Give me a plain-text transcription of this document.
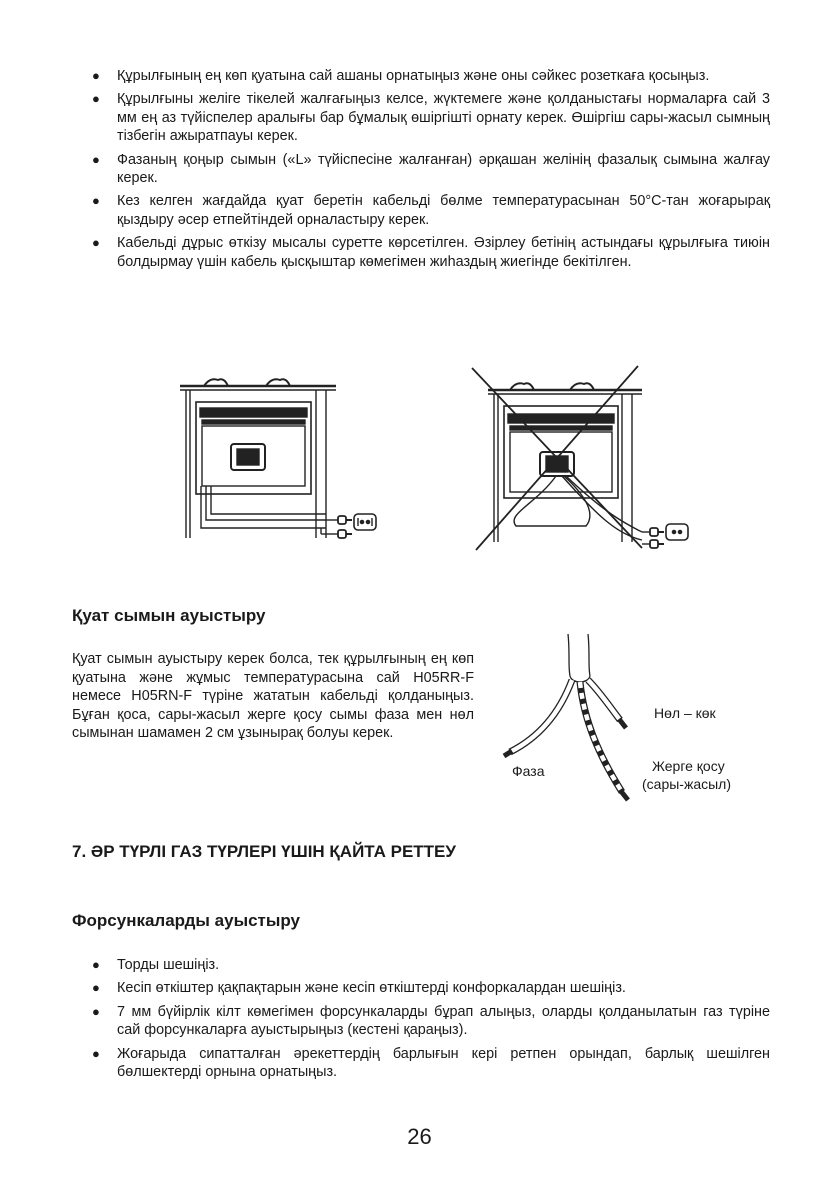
● Құрылғының ең көп қуатына сай ашаны орнатыңыз және оны сәйкес розеткаға қосыңыз.
● Құрылғыны желіге тікелей жалғағыңыз келсе, жүктемеге және қолданыстағы нормаларға сай 3 мм ең аз түйіспелер аралығы бар бұмалық өшіргішті орнату керек. Өшіргіш сары-жасыл сымның тізбегін ажыратпауы керек.
● Фазаның қоңыр сымын («L» түйіспесіне жалғанған) әрқашан желінің фазалық сымына жалғау керек.
● Кез келген жағдайда қуат беретін кабельді бөлме температурасынан 50°C-тан жоғарырақ қыздыру әсер етпейтіндей орналастыру керек.
● Кабельді дұрыс өткізу мысалы суретте көрсетілген. Әзірлеу бетінің астындағы құрылғыға тиюін болдырмау үшін кабель қысқыштар көмегімен жиһаздың жиегінде бекітілген.
Қуат сымын ауыстыру

Қуат сымын ауыстыру керек болса, тек құрылғының ең көп қуатына және жұмыс температурасына сай H05RR-F немесе H05RN-F түріне жататын кабельді қолданыңыз. Бұған қоса, сары-жасыл жерге қосу сымы фаза мен нөл сымынан шамамен 2 см ұзынырақ болуы керек.

Нөл – көк
Фаза	Жерге қосу
(сары-жасыл)
7. ӘР ТҮРЛІ ГАЗ ТҮРЛЕРІ ҮШІН ҚАЙТА РЕТТЕУ
Форсункаларды ауыстыру
● Торды шешіңіз.
● Кесіп өткіштер қақпақтарын және кесіп өткіштерді конфоркалардан шешіңіз.
● 7 мм бүйірлік кілт көмегімен форсункаларды бұрап алыңыз, оларды қолданылатын газ түріне сай форсункаларға ауыстырыңыз (кестені қараңыз).
● Жоғарыда сипатталған әрекеттердің барлығын кері ретпен орындап, барлық шешілген бөлшектерді орнына орнатыңыз.
26
